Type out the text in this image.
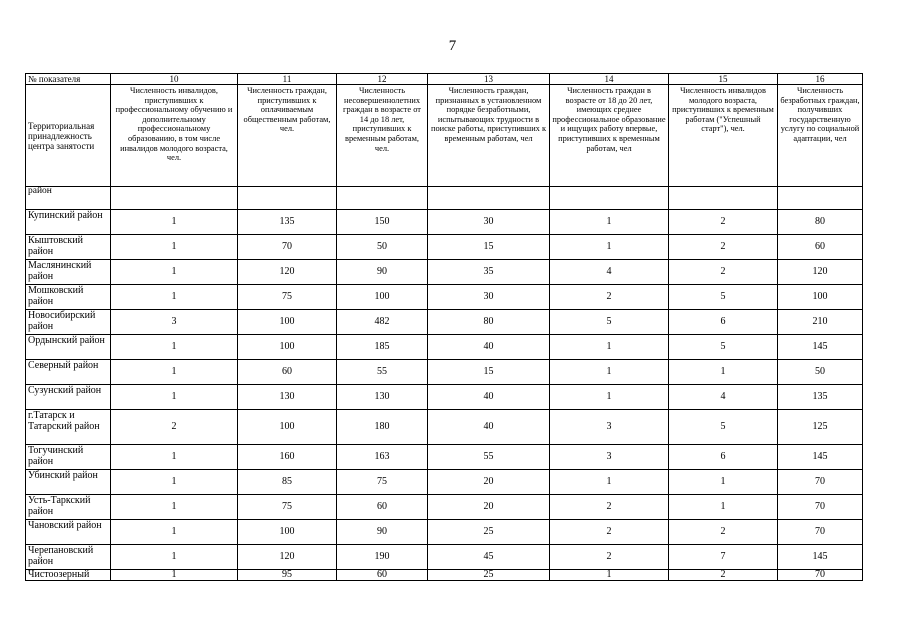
7
№ показателя	10	11	12	13	14	15	16
Территориальная принадлежность центра занятости	Численность инвалидов, приступивших к профессиональному обучению и дополнительному профессиональному образованию, в том числе инвалидов молодого возраста, чел.	Численность граждан, приступивших к оплачиваемым общественным работам, чел.	Численность несовершеннолетних граждан в возрасте от 14 до 18 лет, приступивших к временным работам, чел.	Численность граждан, признанных в установленном порядке безработными, испытывающих трудности в поиске работы, приступивших к временным работам, чел	Численность граждан в возрасте от 18 до 20 лет, имеющих среднее профессиональное образование и ищущих работу впервые, приступивших к временным работам, чел	Численность инвалидов молодого возраста, приступивших к временным работам ("Успешный старт"), чел.	Численность безработных граждан, получивших государственную услугу по социальной адаптации, чел
район							
Купинский район	1	135	150	30	1	2	80
Кыштовский район	1	70	50	15	1	2	60
Маслянинский район	1	120	90	35	4	2	120
Мошковский район	1	75	100	30	2	5	100
Новосибирский район	3	100	482	80	5	6	210
Ордынский район	1	100	185	40	1	5	145
Северный район	1	60	55	15	1	1	50
Сузунский район	1	130	130	40	1	4	135
г.Татарск и Татарский район	2	100	180	40	3	5	125
Тогучинский район	1	160	163	55	3	6	145
Убинский район	1	85	75	20	1	1	70
Усть-Таркский район	1	75	60	20	2	1	70
Чановский район	1	100	90	25	2	2	70
Черепановский район	1	120	190	45	2	7	145
Чистоозерный	1	95	60	25	1	2	70
